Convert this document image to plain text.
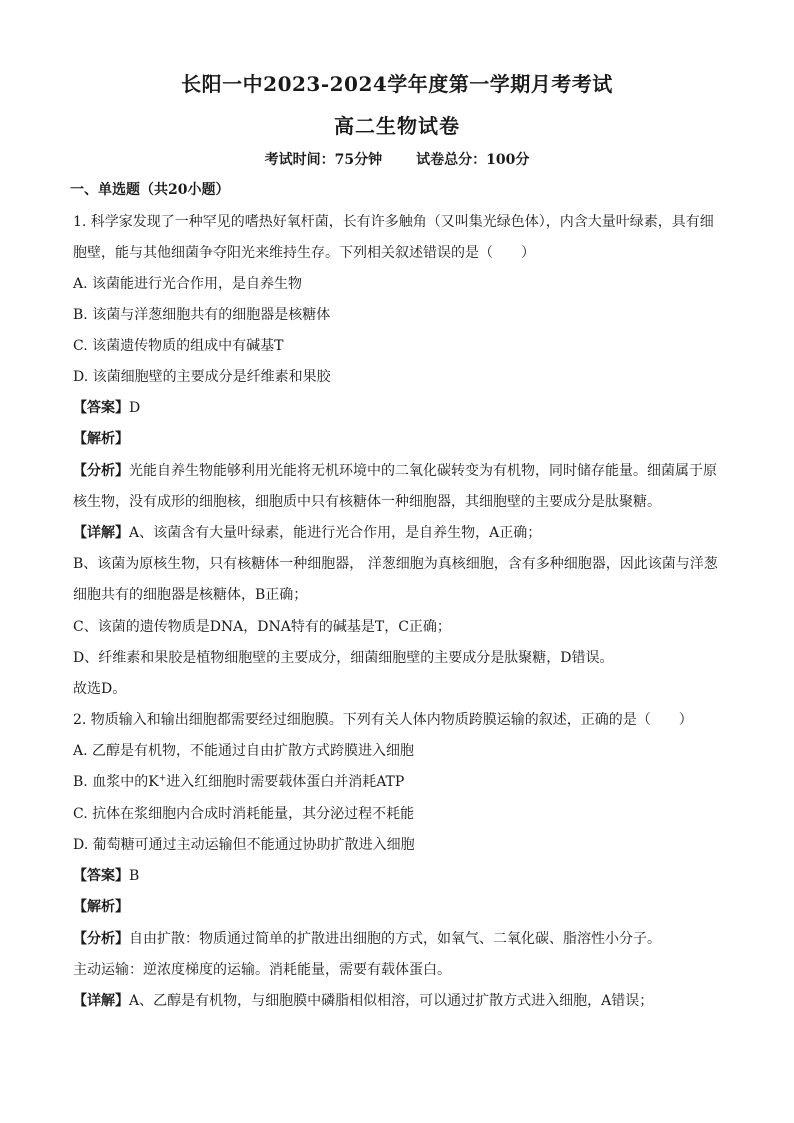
长阳一中2023-2024学年度第一学期月考考试
高二生物试卷
考试时间：75分钟 试卷总分：100分
一、单选题（共20小题）
1. 科学家发现了一种罕见的嗜热好氧杆菌，长有许多触角（又叫集光绿色体），内含大量叶绿素，具有细
胞壁，能与其他细菌争夺阳光来维持生存。下列相关叙述错误的是（　　）
A. 该菌能进行光合作用，是自养生物
B. 该菌与洋葱细胞共有的细胞器是核糖体
C. 该菌遗传物质的组成中有碱基T
D. 该菌细胞壁的主要成分是纤维素和果胶
【答案】D
【解析】
【分析】光能自养生物能够利用光能将无机环境中的二氧化碳转变为有机物，同时储存能量。细菌属于原
核生物，没有成形的细胞核，细胞质中只有核糖体一种细胞器，其细胞壁的主要成分是肽聚糖。
【详解】A、该菌含有大量叶绿素，能进行光合作用，是自养生物，A正确；
B、该菌为原核生物，只有核糖体一种细胞器， 洋葱细胞为真核细胞，含有多种细胞器，因此该菌与洋葱
细胞共有的细胞器是核糖体，B正确；
C、该菌的遗传物质是DNA，DNA特有的碱基是T，C正确；
D、纤维素和果胶是植物细胞壁的主要成分，细菌细胞壁的主要成分是肽聚糖，D错误。
故选D。
2. 物质输入和输出细胞都需要经过细胞膜。下列有关人体内物质跨膜运输的叙述，正确的是（　　）
A. 乙醇是有机物，不能通过自由扩散方式跨膜进入细胞
B. 血浆中的K+进入红细胞时需要载体蛋白并消耗ATP
C. 抗体在浆细胞内合成时消耗能量，其分泌过程不耗能
D. 葡萄糖可通过主动运输但不能通过协助扩散进入细胞
【答案】B
【解析】
【分析】自由扩散：物质通过简单的扩散进出细胞的方式，如氧气、二氧化碳、脂溶性小分子。
主动运输：逆浓度梯度的运输。消耗能量，需要有载体蛋白。
【详解】A、乙醇是有机物，与细胞膜中磷脂相似相溶，可以通过扩散方式进入细胞，A错误；
